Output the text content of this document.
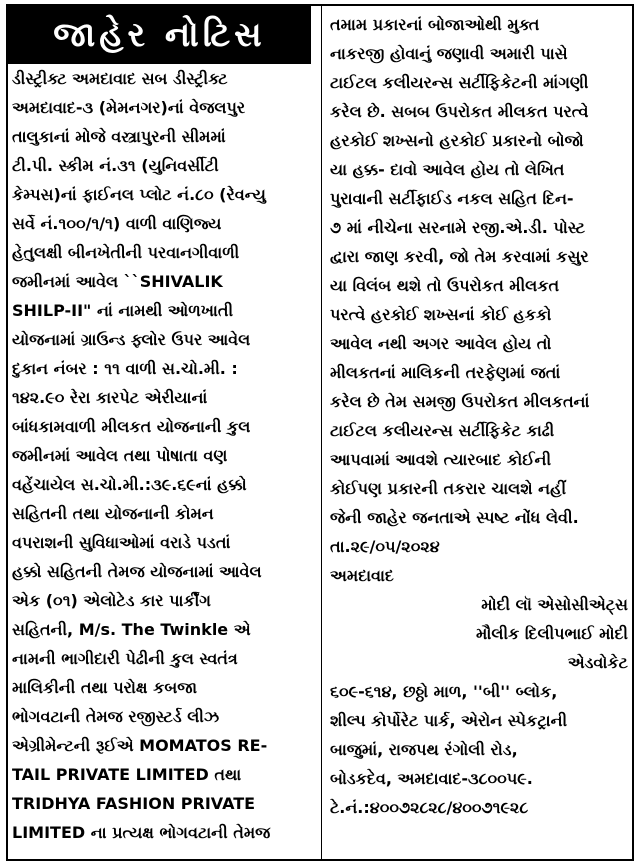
જાહેર નોટિસ
ડીસ્ટ્રીક્ટ અમદાવાદ સબ ડીસ્ટ્રીક્ટ
અમદાવાદ-૩ (મેમનગર)નાં વેજલપુર
તાલુકાનાં મોજે વસ્ત્રાપુરની સીમમાં
ટી.પી. સ્કીમ નં.૩૧ (યુનિવર્સીટી
કેમ્પસ)નાં ફાઈનલ પ્લોટ નં.૮૦ (રેવન્યુ
સર્વે નં.૧૦૦/૧/૧) વાળી વાણિજ્ય
હેતુલક્ષી બીનખેતીની પરવાનગીવાળી
જમીનમાં આવેલ ``SHIVALIK
SHILP-II" નાં નામથી ઓળખાતી
યોજનામાં ગ્રાઉન્ડ ફ્લોર ઉપર આવેલ
દુકાન નંબર : ૧૧ વાળી સ.ચો.મી. :
૧૪૨.૯૦ રેરા કારપેટ એરીયાનાં
બાંધકામવાળી મીલકત યોજનાની કુલ
જમીનમાં આવેલ તથા પોષાતા વણ
વહેંચાયેલ સ.ચો.મી.:૩૯.૬૯નાં હક્કો
સહિતની તથા યોજનાની કોમન
વપરાશની સુવિધાઓમાં વરાડે પડતાં
હક્કો સહિતની તેમજ યોજનામાં આવેલ
એક (૦૧) એલોટેડ કાર પાર્કીંગ
સહિતની, M/s. The Twinkle એ
નામની ભાગીદારી પેઢીની કુલ સ્વતંત્ર
માલિકીની તથા પરોક્ષ કબજા
ભોગવટાની તેમજ રજીસ્ટર્ડ લીઝ
એગ્રીમેન્ટની રૂઈએ MOMATOS RE-
TAIL PRIVATE LIMITED તથા
TRIDHYA FASHION PRIVATE
LIMITED ના પ્રત્યક્ષ ભોગવટાની તેમજ
તમામ પ્રકારનાં બોજાઓથી મુક્ત
નાકરજી હોવાનું જણાવી અમારી પાસે
ટાઈટલ કલીયરન્સ સર્ટીફિકેટની માંગણી
કરેલ છે. સબબ ઉપરોકત મીલકત પરત્વે
હરકોઈ શખ્સનો હરકોઈ પ્રકારનો બોજો
યા હક્ક- દાવો આવેલ હોય તો લેખિત
પુરાવાની સર્ટીફાઈડ નકલ સહિત દિન-
૭ માં નીચેના સરનામે રજી.એ.ડી. પોસ્ટ
દ્વારા જાણ કરવી, જો તેમ કરવામાં કસુર
યા વિલંબ થશે તો ઉપરોકત મીલકત
પરત્વે હરકોઈ શખ્સનાં કોઈ હકકો
આવેલ નથી અગર આવેલ હોય તો
મીલકતનાં માલિકની તરફેણમાં જતાં
કરેલ છે તેમ સમજી ઉપરોકત મીલકતનાં
ટાઈટલ કલીયરન્સ સર્ટીફિકેટ કાઢી
આપવામાં આવશે ત્યારબાદ કોઈની
કોઈપણ પ્રકારની તકરાર ચાલશે નહીં
જેની જાહેર જનતાએ સ્પષ્ટ નોંધ લેવી.
તા.૨૯/૦૫/૨૦૨૪
અમદાવાદ
મોદી લૉ એસોસીએટ્સ
મૌલીક દિલીપભાઈ મોદી
એડવોકેટ
૬૦૯-૬૧૪, છઠ્ઠો માળ, ''બી'' બ્લોક,
શીલ્પ કોર્પોરેટ પાર્ક, એરોન સ્પેકટ્રાની
બાજુમાં, રાજપથ રંગોલી રોડ,
બોડકદેવ, અમદાવાદ-૩૮૦૦૫૯.
ટે.નં.:૪૦૦૭૨૮૨૮/૪૦૦૭૧૯૨૮
